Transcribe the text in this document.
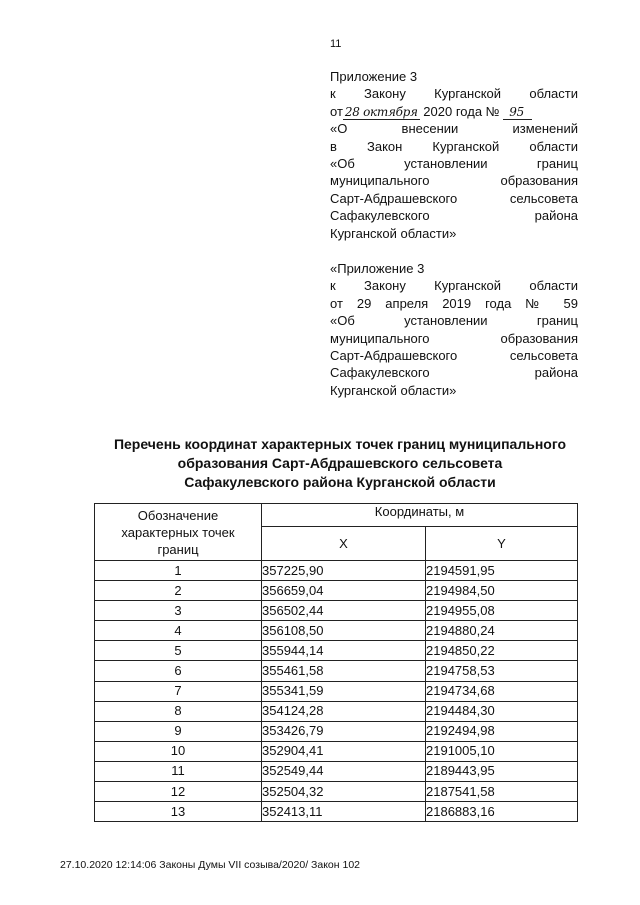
11
Приложение 3
к Закону Курганской области
от 28 октября 2020 года № 95
«О внесении изменений
в Закон Курганской области
«Об установлении границ
муниципального образования
Сарт-Абдрашевского сельсовета
Сафакулевского района
Курганской области»
«Приложение 3
к Закону Курганской области
от 29 апреля 2019 года № 59
«Об установлении границ
муниципального образования
Сарт-Абдрашевского сельсовета
Сафакулевского района
Курганской области»
Перечень координат характерных точек границ муниципального
образования Сарт-Абдрашевского сельсовета
Сафакулевского района Курганской области
Обозначение
характерных точек
границ	Координаты, м	
	X	Y
1	357225,90	2194591,95
2	356659,04	2194984,50
3	356502,44	2194955,08
4	356108,50	2194880,24
5	355944,14	2194850,22
6	355461,58	2194758,53
7	355341,59	2194734,68
8	354124,28	2194484,30
9	353426,79	2192494,98
10	352904,41	2191005,10
11	352549,44	2189443,95
12	352504,32	2187541,58
13	352413,11	2186883,16
27.10.2020 12:14:06 Законы Думы VII созыва/2020/ Закон 102
